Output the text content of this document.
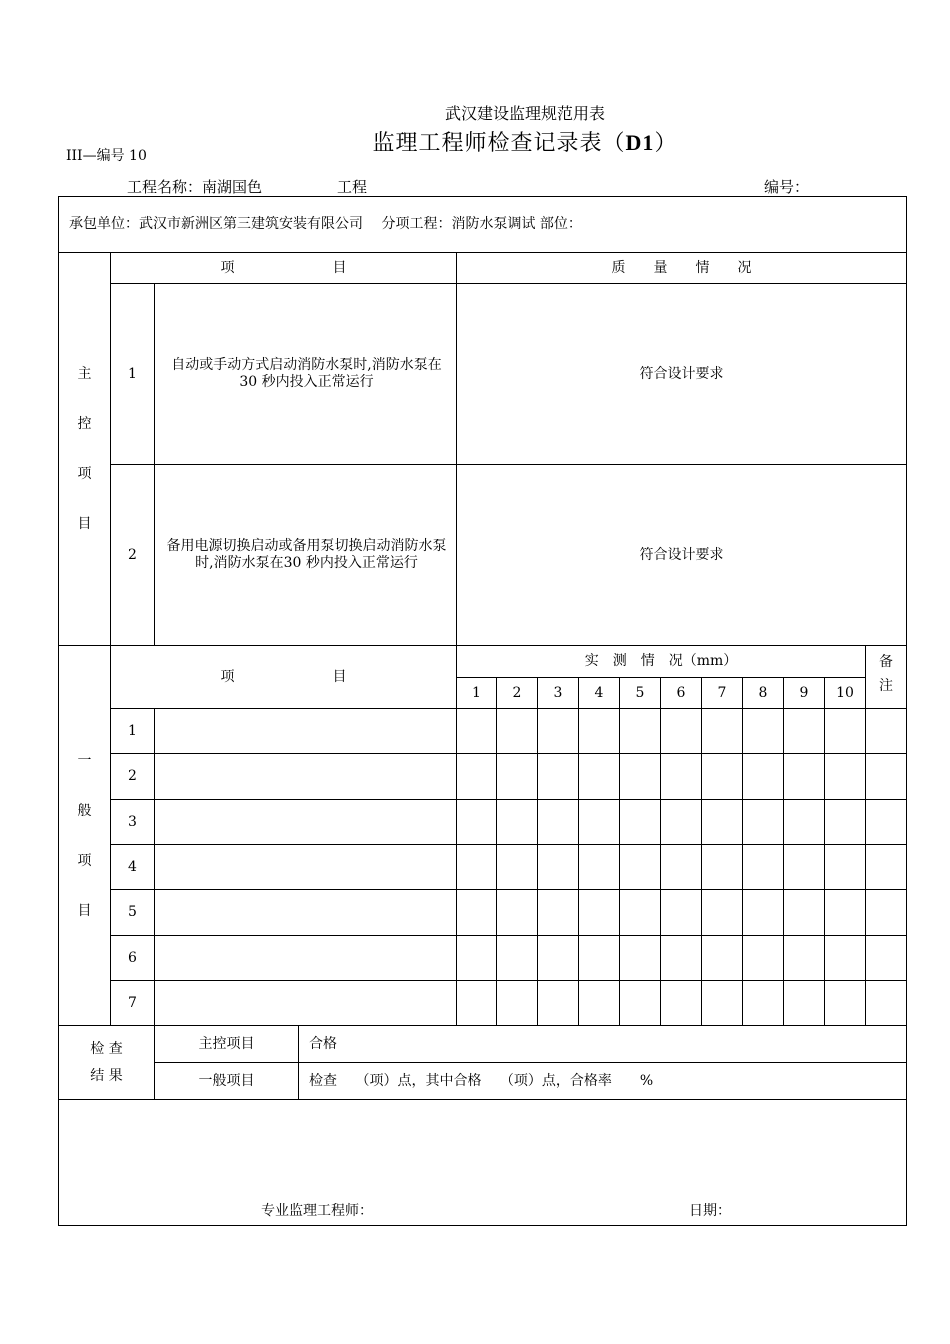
武汉建设监理规范用表
监理工程师检查记录表（D1）
III—编号 10
工程名称：南湖国色	工程	编号：
承包单位：武汉市新洲区第三建筑安装有限公司　 分项工程：消防水泵调试 部位：														

主
控
项
目	项　　　　　　　目			质　　量　　情　　况										
	1	自动或手动方式启动消防水泵时,消防水泵在30 秒内投入正常运行		符合设计要求										
	2	备用电源切换启动或备用泵切换启动消防水泵时,消防水泵在30 秒内投入正常运行		符合设计要求										

一
般
项
目	项　　　　　　　目			实　测　情　况（mm）										备
注
				1	2	3	4	5	6	7	8	9	10	
	1													
	2													
	3													
	4													
	5													
	6													
	7													
检 查
结 果		主控项目	合格											
		一般项目	检查　 （项）点，其中合格　 （项）点，合格率　　%											

专业监理工程师： 日期：														
